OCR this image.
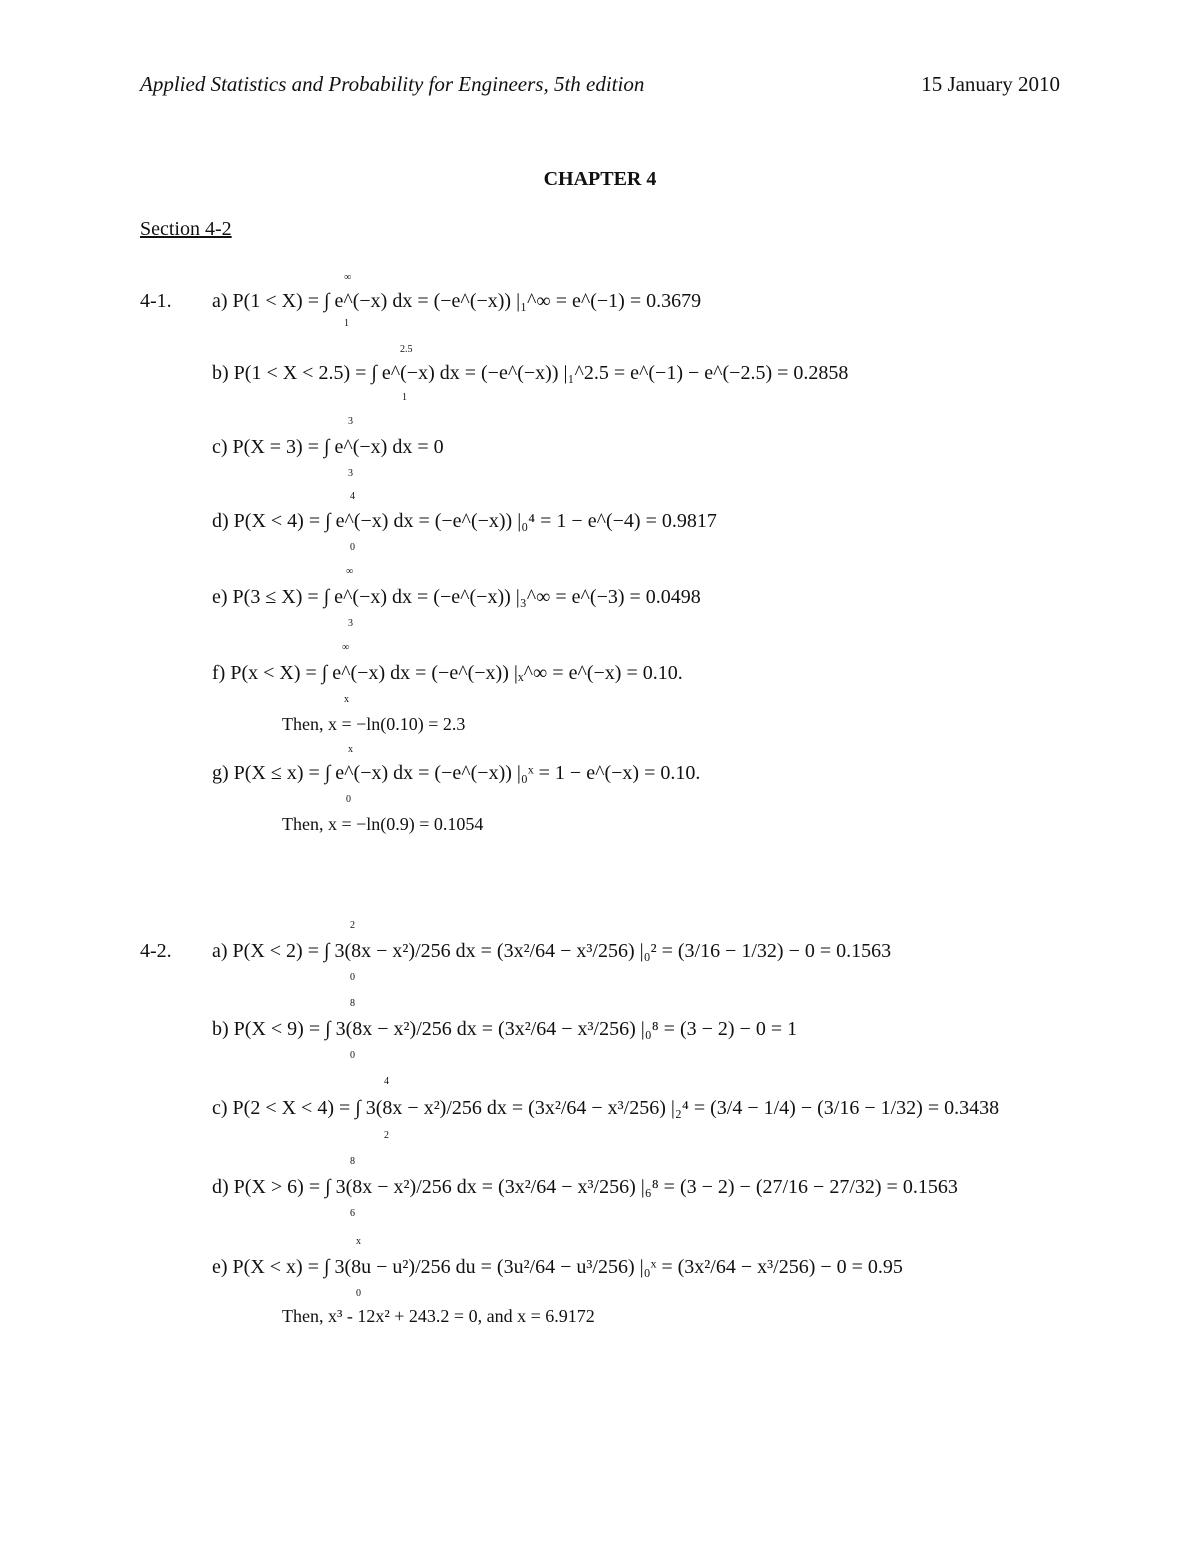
Applied Statistics and Probability for Engineers, 5th edition	15 January 2010
CHAPTER 4
Section 4-2
4-1. a) P(1 < X) = ∫ e^(−x) dx = (−e^(−x)) |₁^∞ = e^(−1) = 0.3679
∞
1
b) P(1 < X < 2.5) = ∫ e^(−x) dx = (−e^(−x)) |₁^2.5 = e^(−1) − e^(−2.5) = 0.2858
2.5
1
c) P(X = 3) = ∫ e^(−x) dx = 0
3
3
d) P(X < 4) = ∫ e^(−x) dx = (−e^(−x)) |₀⁴ = 1 − e^(−4) = 0.9817
4
0
e) P(3 ≤ X) = ∫ e^(−x) dx = (−e^(−x)) |₃^∞ = e^(−3) = 0.0498
∞
3
f) P(x < X) = ∫ e^(−x) dx = (−e^(−x)) |ₓ^∞ = e^(−x) = 0.10.
∞
x
Then, x = −ln(0.10) = 2.3
g) P(X ≤ x) = ∫ e^(−x) dx = (−e^(−x)) |₀ˣ = 1 − e^(−x) = 0.10.
x
0
Then, x = −ln(0.9) = 0.1054
4-2. a) P(X < 2) = ∫ 3(8x − x²)/256 dx = (3x²/64 − x³/256) |₀² = (3/16 − 1/32) − 0 = 0.1563
2
0
b) P(X < 9) = ∫ 3(8x − x²)/256 dx = (3x²/64 − x³/256) |₀⁸ = (3 − 2) − 0 = 1
8
0
c) P(2 < X < 4) = ∫ 3(8x − x²)/256 dx = (3x²/64 − x³/256) |₂⁴ = (3/4 − 1/4) − (3/16 − 1/32) = 0.3438
4
2
d) P(X > 6) = ∫ 3(8x − x²)/256 dx = (3x²/64 − x³/256) |₆⁸ = (3 − 2) − (27/16 − 27/32) = 0.1563
8
6
e) P(X < x) = ∫ 3(8u − u²)/256 du = (3u²/64 − u³/256) |₀ˣ = (3x²/64 − x³/256) − 0 = 0.95
x
0
Then, x³ - 12x² + 243.2 = 0, and x = 6.9172
